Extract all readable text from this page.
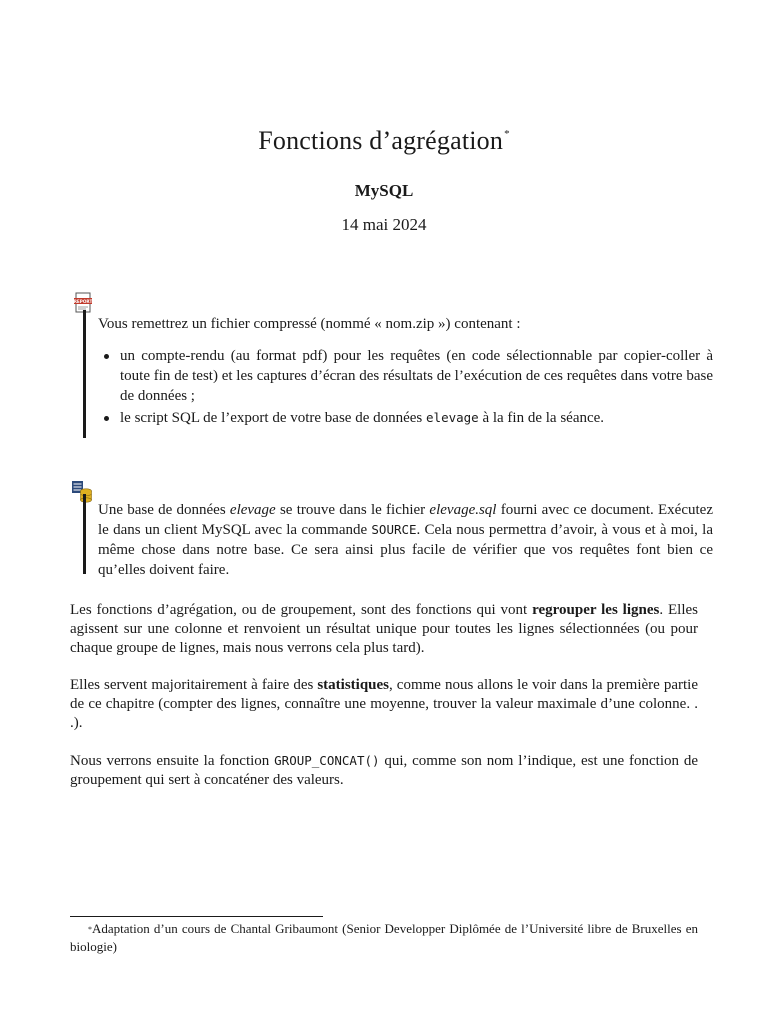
Fonctions d’agrégation*
MySQL
14 mai 2024
REPORT

Vous remettrez un fichier compressé (nommé « nom.zip ») contenant :

un compte-rendu (au format pdf) pour les requêtes (en code sélectionnable par copier-coller à toute fin de test) et les captures d’écran des résultats de l’exécution de ces requêtes dans votre base de données ;
le script SQL de l’export de votre base de données elevage à la fin de la séance.

Une base de données elevage se trouve dans le fichier elevage.sql fourni avec ce document. Exécutez le dans un client MySQL avec la commande SOURCE. Cela nous permettra d’avoir, à vous et à moi, la même chose dans notre base. Ce sera ainsi plus facile de vérifier que vos requêtes font bien ce qu’elles doivent faire.

Les fonctions d’agrégation, ou de groupement, sont des fonctions qui vont regrouper les lignes. Elles agissent sur une colonne et renvoient un résultat unique pour toutes les lignes sélectionnées (ou pour chaque groupe de lignes, mais nous verrons cela plus tard).

Elles servent majoritairement à faire des statistiques, comme nous allons le voir dans la première partie de ce chapitre (compter des lignes, connaître une moyenne, trouver la valeur maximale d’une colonne. . .).

Nous verrons ensuite la fonction GROUP_CONCAT() qui, comme son nom l’indique, est une fonction de groupement qui sert à concaténer des valeurs.

*Adaptation d’un cours de Chantal Gribaumont (Senior Developper Diplômée de l’Université libre de Bruxelles en biologie)
